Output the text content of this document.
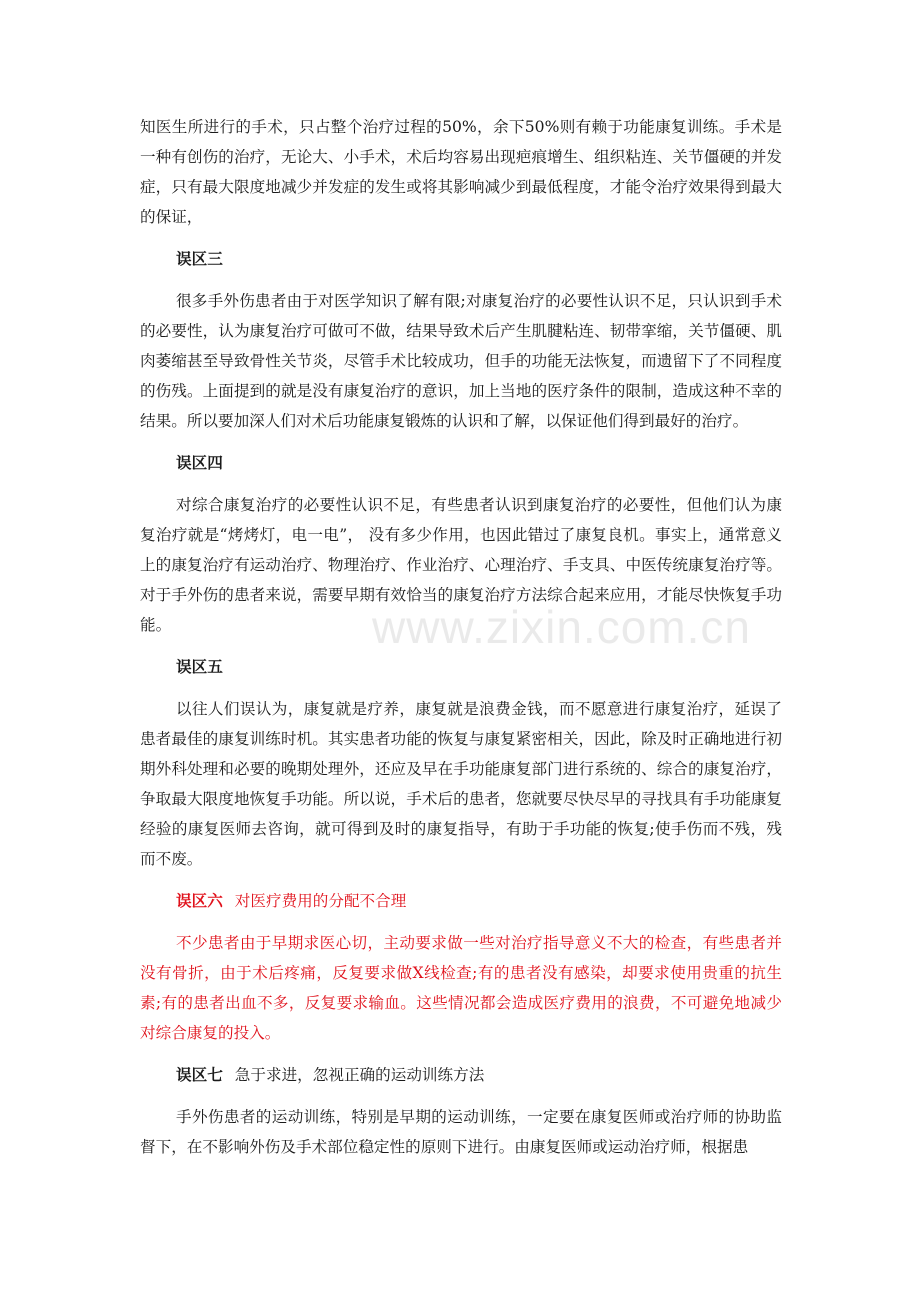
知医生所进行的手术，只占整个治疗过程的50%，余下50%则有赖于功能康复训练。手术是一种有创伤的治疗，无论大、小手术，术后均容易出现疤痕增生、组织粘连、关节僵硬的并发症，只有最大限度地减少并发症的发生或将其影响减少到最低程度，才能令治疗效果得到最大的保证，

误区三

很多手外伤患者由于对医学知识了解有限;对康复治疗的必要性认识不足，只认识到手术的必要性，认为康复治疗可做可不做，结果导致术后产生肌腱粘连、韧带挛缩，关节僵硬、肌肉萎缩甚至导致骨性关节炎，尽管手术比较成功，但手的功能无法恢复，而遗留下了不同程度的伤残。上面提到的就是没有康复治疗的意识，加上当地的医疗条件的限制，造成这种不幸的结果。所以要加深人们对术后功能康复锻炼的认识和了解，以保证他们得到最好的治疗。

误区四

对综合康复治疗的必要性认识不足，有些患者认识到康复治疗的必要性，但他们认为康复治疗就是“烤烤灯，电一电”， 没有多少作用，也因此错过了康复良机。事实上，通常意义上的康复治疗有运动治疗、物理治疗、作业治疗、心理治疗、手支具、中医传统康复治疗等。对于手外伤的患者来说，需要早期有效恰当的康复治疗方法综合起来应用，才能尽快恢复手功能。

误区五

以往人们误认为，康复就是疗养，康复就是浪费金钱，而不愿意进行康复治疗，延误了患者最佳的康复训练时机。其实患者功能的恢复与康复紧密相关，因此，除及时正确地进行初期外科处理和必要的晚期处理外，还应及早在手功能康复部门进行系统的、综合的康复治疗，争取最大限度地恢复手功能。所以说，手术后的患者，您就要尽快尽早的寻找具有手功能康复经验的康复医师去咨询，就可得到及时的康复指导，有助于手功能的恢复;使手伤而不残，残而不废。

误区六 对医疗费用的分配不合理

不少患者由于早期求医心切，主动要求做一些对治疗指导意义不大的检查，有些患者并没有骨折，由于术后疼痛，反复要求做Ⅹ线检查;有的患者没有感染，却要求使用贵重的抗生素;有的患者出血不多，反复要求输血。这些情况都会造成医疗费用的浪费，不可避免地减少对综合康复的投入。

误区七 急于求进，忽视正确的运动训练方法

手外伤患者的运动训练，特别是早期的运动训练，一定要在康复医师或治疗师的协助监督下，在不影响外伤及手术部位稳定性的原则下进行。由康复医师或运动治疗师，根据患

www.zixin.com.cn
